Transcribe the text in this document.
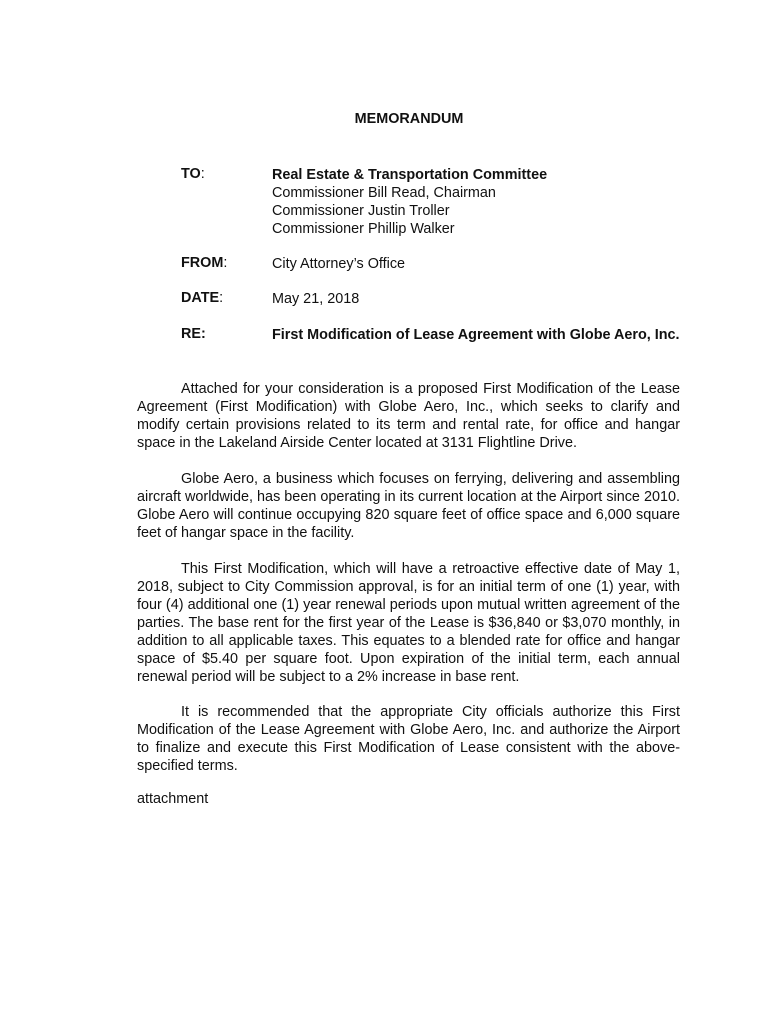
MEMORANDUM
TO:	Real Estate & Transportation Committee
Commissioner Bill Read, Chairman
Commissioner Justin Troller
Commissioner Phillip Walker
FROM:	City Attorney’s Office
DATE:	May 21, 2018
RE:	First Modification of Lease Agreement with Globe Aero, Inc.

Attached for your consideration is a proposed First Modification of the Lease Agreement (First Modification) with Globe Aero, Inc., which seeks to clarify and modify certain provisions related to its term and rental rate, for office and hangar space in the Lakeland Airside Center located at 3131 Flightline Drive.

Globe Aero, a business which focuses on ferrying, delivering and assembling aircraft worldwide, has been operating in its current location at the Airport since 2010. Globe Aero will continue occupying 820 square feet of office space and 6,000 square feet of hangar space in the facility.

This First Modification, which will have a retroactive effective date of May 1, 2018, subject to City Commission approval, is for an initial term of one (1) year, with four (4) additional one (1) year renewal periods upon mutual written agreement of the parties. The base rent for the first year of the Lease is $36,840 or $3,070 monthly, in addition to all applicable taxes. This equates to a blended rate for office and hangar space of $5.40 per square foot. Upon expiration of the initial term, each annual renewal period will be subject to a 2% increase in base rent.

It is recommended that the appropriate City officials authorize this First Modification of the Lease Agreement with Globe Aero, Inc. and authorize the Airport to finalize and execute this First Modification of Lease consistent with the above-specified terms.

attachment
